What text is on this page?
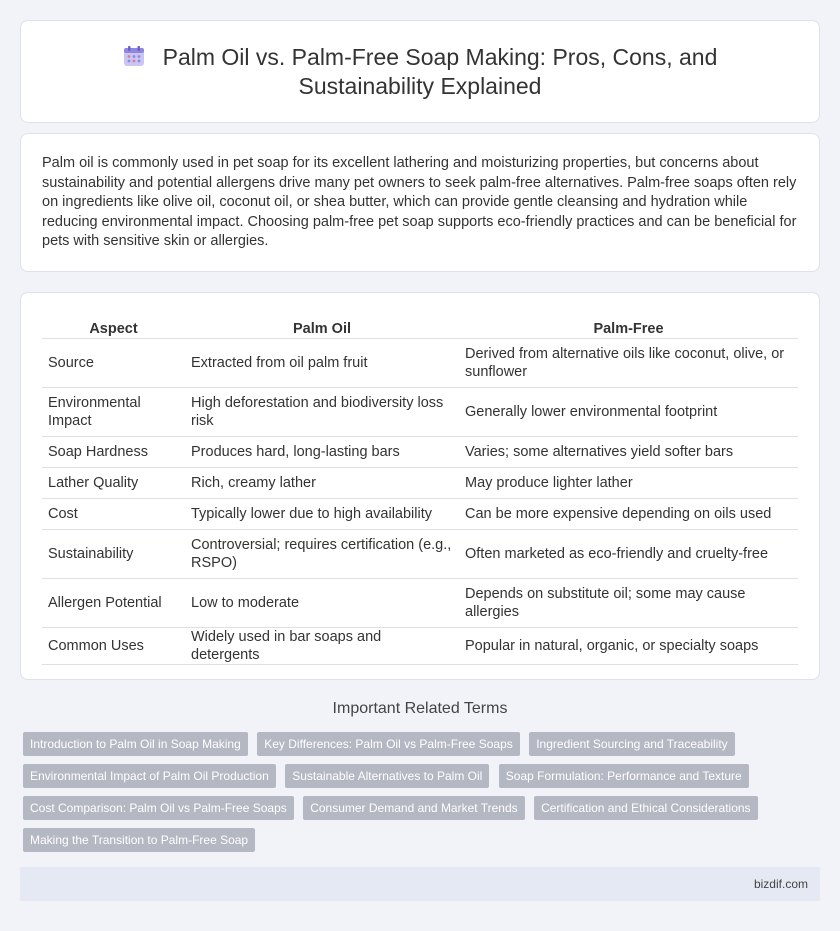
Palm Oil vs. Palm-Free Soap Making: Pros, Cons, and
Sustainability Explained

Palm oil is commonly used in pet soap for its excellent lathering and moisturizing properties, but concerns about sustainability and potential allergens drive many pet owners to seek palm-free alternatives. Palm-free soaps often rely on ingredients like olive oil, coconut oil, or shea butter, which can provide gentle cleansing and hydration while reducing environmental impact. Choosing palm-free pet soap supports eco-friendly practices and can be beneficial for pets with sensitive skin or allergies.

Aspect	Palm Oil	Palm-Free
Source	Extracted from oil palm fruit	Derived from alternative oils like coconut, olive, or sunflower
Environmental Impact	High deforestation and biodiversity loss risk	Generally lower environmental footprint
Soap Hardness	Produces hard, long-lasting bars	Varies; some alternatives yield softer bars
Lather Quality	Rich, creamy lather	May produce lighter lather
Cost	Typically lower due to high availability	Can be more expensive depending on oils used
Sustainability	Controversial; requires certification (e.g., RSPO)	Often marketed as eco-friendly and cruelty-free
Allergen Potential	Low to moderate	Depends on substitute oil; some may cause allergies
Common Uses	Widely used in bar soaps and detergents	Popular in natural, organic, or specialty soaps
Important Related Terms
Introduction to Palm Oil in Soap Making Key Differences: Palm Oil vs Palm-Free Soaps Ingredient Sourcing and Traceability Environmental Impact of Palm Oil Production Sustainable Alternatives to Palm Oil Soap Formulation: Performance and Texture Cost Comparison: Palm Oil vs Palm-Free Soaps Consumer Demand and Market Trends Certification and Ethical Considerations Making the Transition to Palm-Free Soap
bizdif.com
